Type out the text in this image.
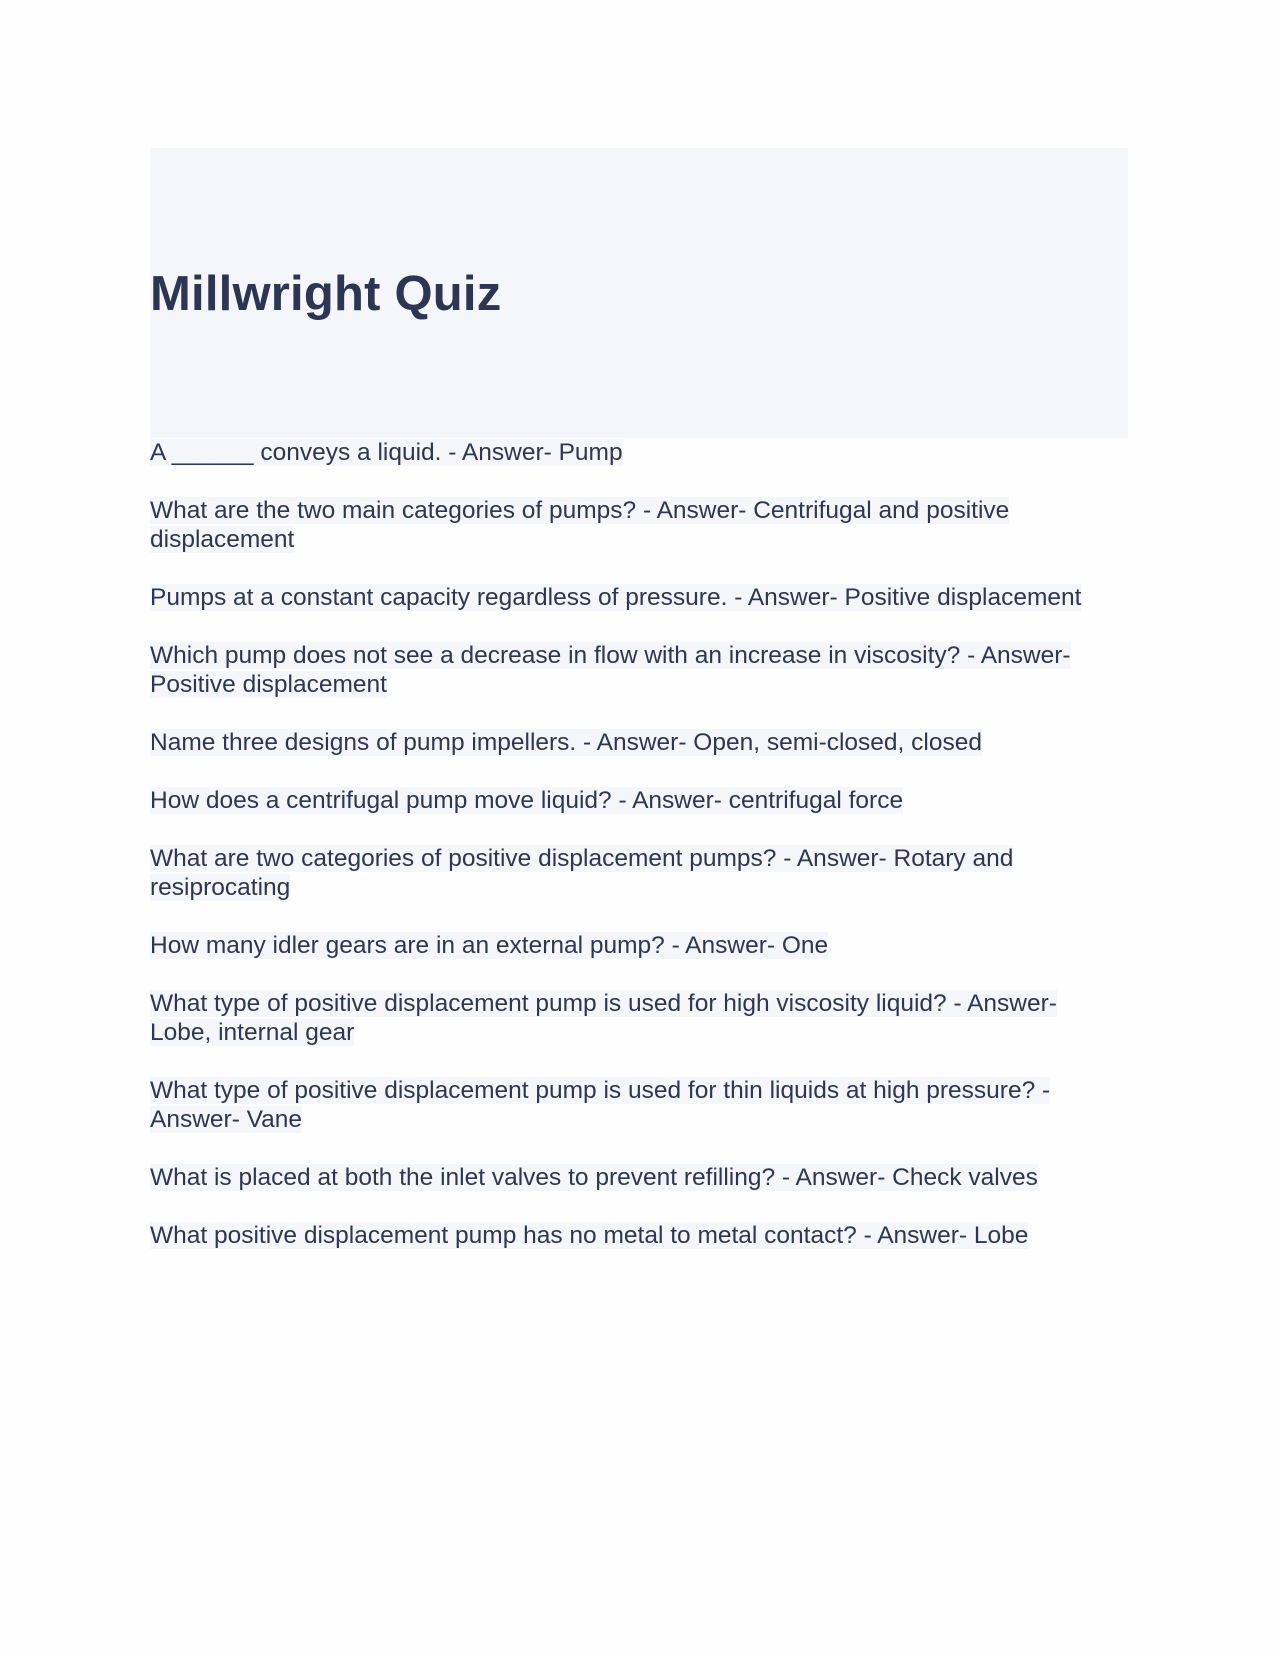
Millwright Quiz
A ______ conveys a liquid. - Answer- Pump
What are the two main categories of pumps? - Answer- Centrifugal and positive displacement
Pumps at a constant capacity regardless of pressure. - Answer- Positive displacement
Which pump does not see a decrease in flow with an increase in viscosity? - Answer- Positive displacement
Name three designs of pump impellers. - Answer- Open, semi-closed, closed
How does a centrifugal pump move liquid? - Answer- centrifugal force
What are two categories of positive displacement pumps? - Answer- Rotary and resiprocating
How many idler gears are in an external pump? - Answer- One
What type of positive displacement pump is used for high viscosity liquid? - Answer- Lobe, internal gear
What type of positive displacement pump is used for thin liquids at high pressure? - Answer- Vane
What is placed at both the inlet valves to prevent refilling? - Answer- Check valves
What positive displacement pump has no metal to metal contact? - Answer- Lobe
